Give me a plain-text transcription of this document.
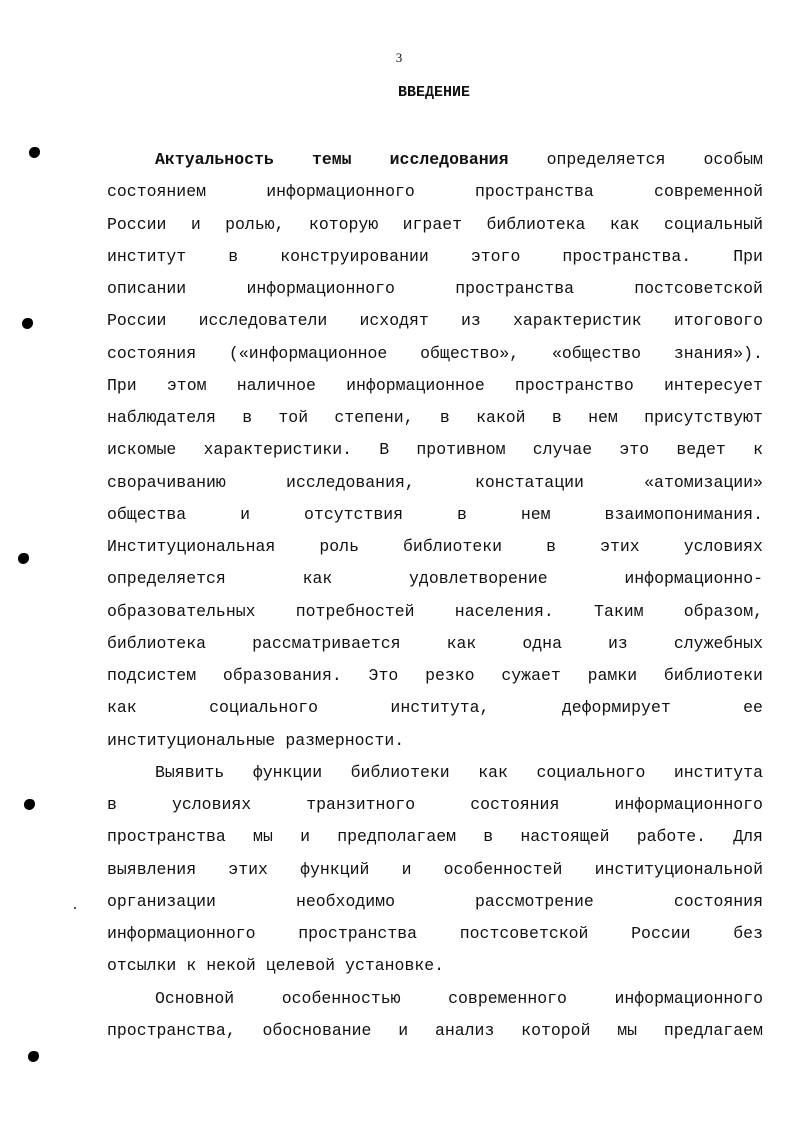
3
ВВЕДЕНИЕ
Актуальность темы исследования определяется особым
состоянием	информационного	пространства	современной
России и ролью, которую играет библиотека как социальный
институт	в	конструировании	этого	пространства.	При
описании	информационного	пространства	постсоветской
России исследователи исходят из характеристик итогового
состояния («информационное общество», «общество знания»).
При этом наличное информационное пространство интересует
наблюдателя в той степени, в какой в нем присутствуют
искомые характеристики. В противном случае это ведет к
сворачиванию	исследования,	констатации	«атомизации»
общества	и	отсутствия	в	нем	взаимопонимания.
Институциональная	роль	библиотеки	в	этих	условиях
определяется	как	удовлетворение	информационно-
образовательных потребностей населения. Таким образом,
библиотека	рассматривается	как	одна	из	служебных
подсистем образования. Это резко сужает рамки библиотеки
как	социального	института,	деформирует	ее
институциональные размерности.
Выявить функции библиотеки как социального института
в	условиях	транзитного	состояния	информационного
пространства мы и предполагаем в настоящей работе. Для
выявления этих функций и особенностей институциональной
организации	необходимо	рассмотрение	состояния
информационного	пространства	постсоветской	России	без
отсылки к некой целевой установке.
Основной	особенностью	современного	информационного
пространства, обоснование и анализ которой мы предлагаем
